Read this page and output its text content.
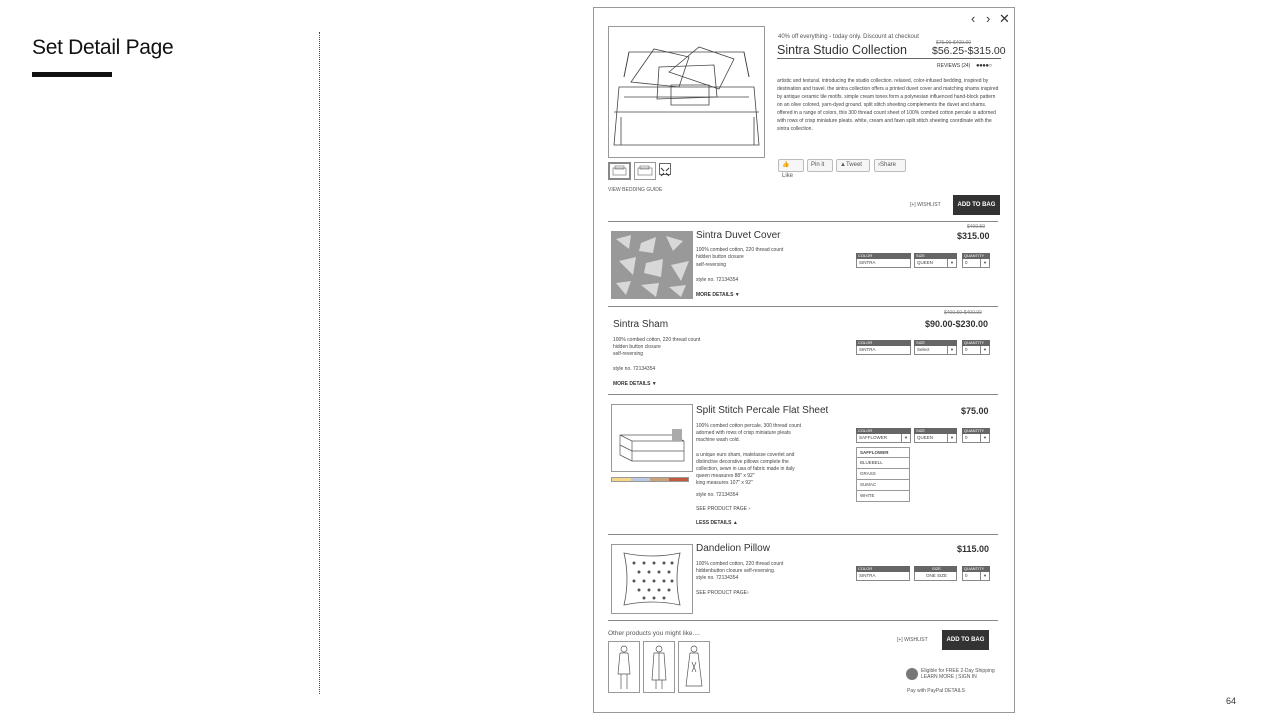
Set Detail Page
64
‹ › ✕
VIEW BEDDING GUIDE
40% off everything - today only. Discount at checkout
$75.00-$400.00
Sintra Studio Collection $56.25-$315.00
REVIEWS (24) ●●●●○
artistic and textural. introducing the studio collection. relaxed, color-infused bedding, inspired by destination and travel. the sintra collection offers a printed duvet cover and matching shams inspired by antique ceramic tile motifs. simple cream tones form a polynesian influenced hand-block pattern on an olive colored, yarn-dyed ground. split stitch sheeting complements the duvet and shams. offered in a range of colors, this 300 thread count sheet of 100% combed cotton percale is adorned with rows of crisp miniature pleats. white, cream and fawn split stitch sheeting coordinate with the sintra collection.
👍Like
Pin it	▲Tweet	›Share
[+] WISHLIST	ADD TO BAG
Sintra Duvet Cover
$400.50
$315.00
100% combed cotton, 220 thread count
hidden button closure
self-reversing
style no. 72134354
MORE DETAILS ▼
COLOR
SINTRA
SIZE
QUEEN	▼
QUANTITY
0	▼
Sintra Sham
$400.50-$400.00
$90.00-$230.00
100% combed cotton, 220 thread count
hidden button closure
self-reversing
style no. 72134354
MORE DETAILS ▼
COLOR
SINTRA
SIZE
Select	▼
QUANTITY
0	▼
Split Stitch Percale Flat Sheet	$75.00
100% combed cotton percale, 300 thread count
adorned with rows of crisp miniature pleats
machine wash cold.
a unique euro sham, matelasse coverlet and
distinctive decorative pillows complete the
collection, sewn in usa of fabric made in italy
queen measures 88" x 92"
king measures 107" x 92"
style no. 72134354
SEE PRODUCT PAGE ›
LESS DETAILS ▲
COLOR
SAFFLOWER	▼
SAFFLOWER
BLUEBELL
GRASS
SUMAC
WHITE
SIZE
QUEEN	▼
QUANTITY
0	▼
Dandelion Pillow	$115.00
100% combed cotton, 220 thread count
hiddenbutton closure self-reversing.
style no. 72134354
SEE PRODUCT PAGE›
COLOR
SINTRA
SIZE
ONE SIZE
QUANTITY
0	▼
Other products you might like....
[+] WISHLIST	ADD TO BAG
Eligible for FREE 2-Day Shipping
LEARN MORE | SIGN IN
Pay with PayPal DETAILS
